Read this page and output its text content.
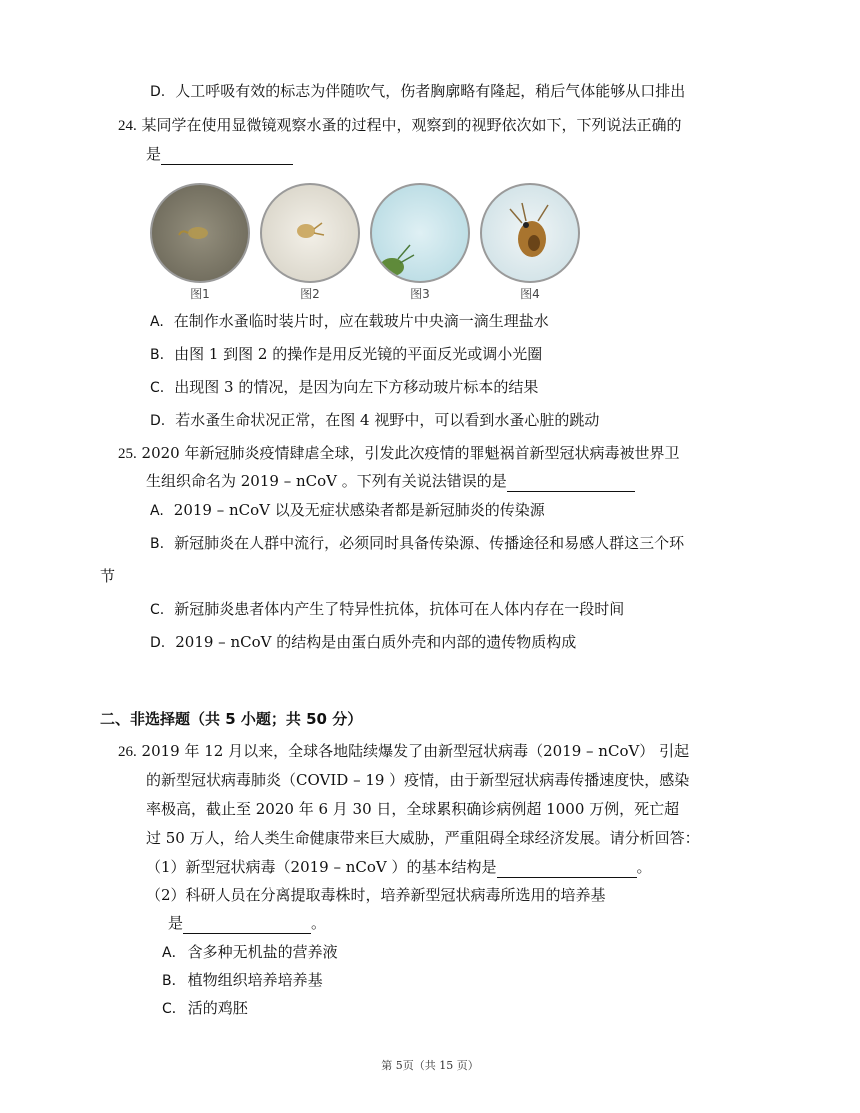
D. 人工呼吸有效的标志为伴随吹气，伤者胸廓略有隆起，稍后气体能够从口排出
24. 某同学在使用显微镜观察水蚤的过程中，观察到的视野依次如下，下列说法正确的
是
图1	图2	图3	图4
A. 在制作水蚤临时装片时，应在载玻片中央滴一滴生理盐水
B. 由图 1 到图 2 的操作是用反光镜的平面反光或调小光圈
C. 出现图 3 的情况，是因为向左下方移动玻片标本的结果
D. 若水蚤生命状况正常，在图 4 视野中，可以看到水蚤心脏的跳动
25. 2020 年新冠肺炎疫情肆虐全球，引发此次疫情的罪魁祸首新型冠状病毒被世界卫
生组织命名为 2019 – nCoV 。下列有关说法错误的是
A. 2019 – nCoV 以及无症状感染者都是新冠肺炎的传染源
B. 新冠肺炎在人群中流行，必须同时具备传染源、传播途径和易感人群这三个环
节
C. 新冠肺炎患者体内产生了特异性抗体，抗体可在人体内存在一段时间
D. 2019 – nCoV 的结构是由蛋白质外壳和内部的遗传物质构成
二、非选择题（共 5 小题；共 50 分）
26. 2019 年 12 月以来，全球各地陆续爆发了由新型冠状病毒（2019 – nCoV） 引起
的新型冠状病毒肺炎（COVID – 19 ）疫情，由于新型冠状病毒传播速度快，感染
率极高，截止至 2020 年 6 月 30 日，全球累积确诊病例超 1000 万例，死亡超
过 50 万人，给人类生命健康带来巨大威胁，严重阻碍全球经济发展。请分析回答：
（1）新型冠状病毒（2019 – nCoV ）的基本结构是	。
（2）科研人员在分离提取毒株时，培养新型冠状病毒所选用的培养基
是	。
A． 含多种无机盐的营养液
B． 植物组织培养培养基
C． 活的鸡胚
第 5页（共 15 页）
